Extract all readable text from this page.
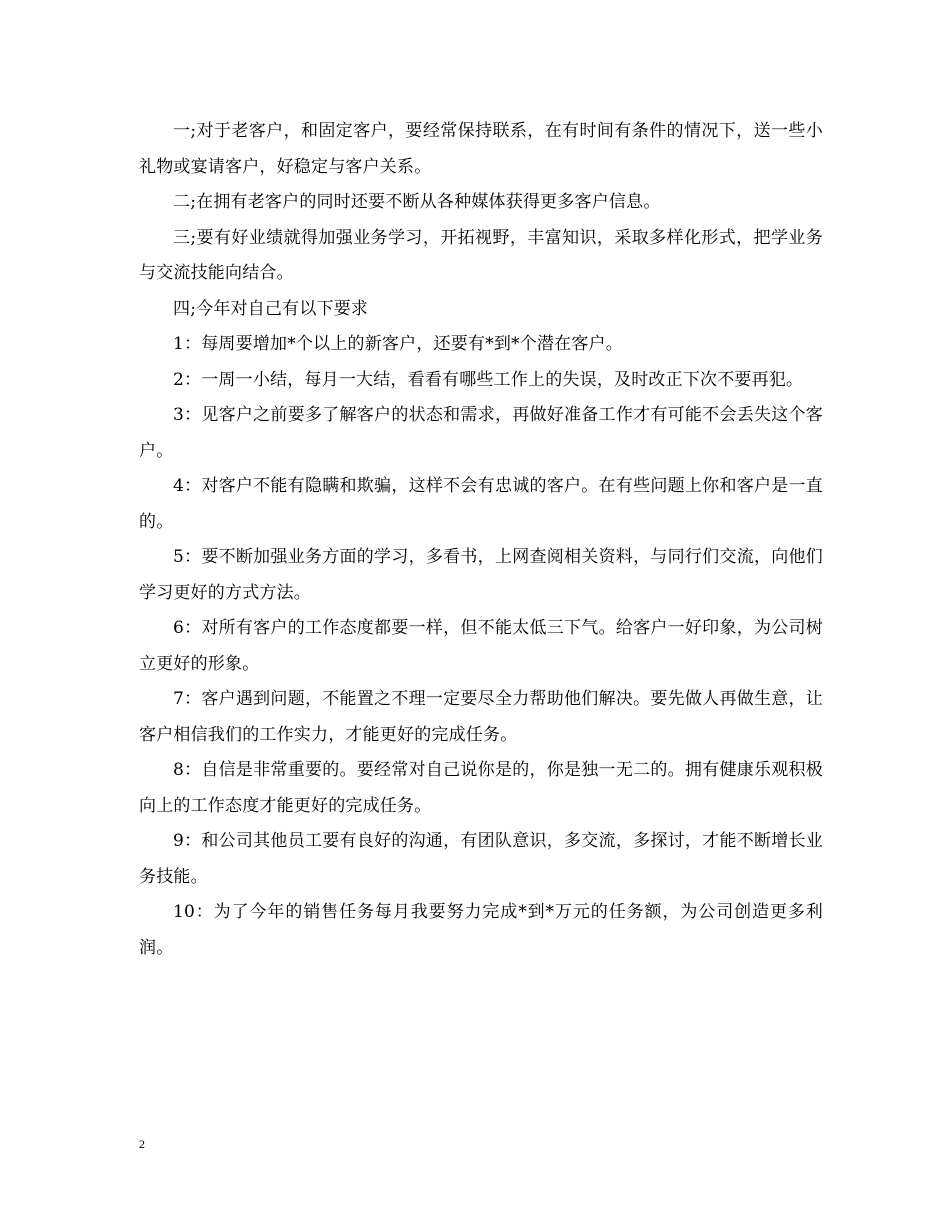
一;对于老客户，和固定客户，要经常保持联系，在有时间有条件的情况下，送一些小礼物或宴请客户，好稳定与客户关系。

二;在拥有老客户的同时还要不断从各种媒体获得更多客户信息。

三;要有好业绩就得加强业务学习，开拓视野，丰富知识，采取多样化形式，把学业务与交流技能向结合。

四;今年对自己有以下要求

1：每周要增加*个以上的新客户，还要有*到*个潜在客户。

2：一周一小结，每月一大结，看看有哪些工作上的失误，及时改正下次不要再犯。

3：见客户之前要多了解客户的状态和需求，再做好准备工作才有可能不会丢失这个客户。

4：对客户不能有隐瞒和欺骗，这样不会有忠诚的客户。在有些问题上你和客户是一直的。

5：要不断加强业务方面的学习，多看书，上网查阅相关资料，与同行们交流，向他们学习更好的方式方法。

6：对所有客户的工作态度都要一样，但不能太低三下气。给客户一好印象，为公司树立更好的形象。

7：客户遇到问题，不能置之不理一定要尽全力帮助他们解决。要先做人再做生意，让客户相信我们的工作实力，才能更好的完成任务。

8：自信是非常重要的。要经常对自己说你是的，你是独一无二的。拥有健康乐观积极向上的工作态度才能更好的完成任务。

9：和公司其他员工要有良好的沟通，有团队意识，多交流，多探讨，才能不断增长业务技能。

10：为了今年的销售任务每月我要努力完成*到*万元的任务额，为公司创造更多利润。

2
